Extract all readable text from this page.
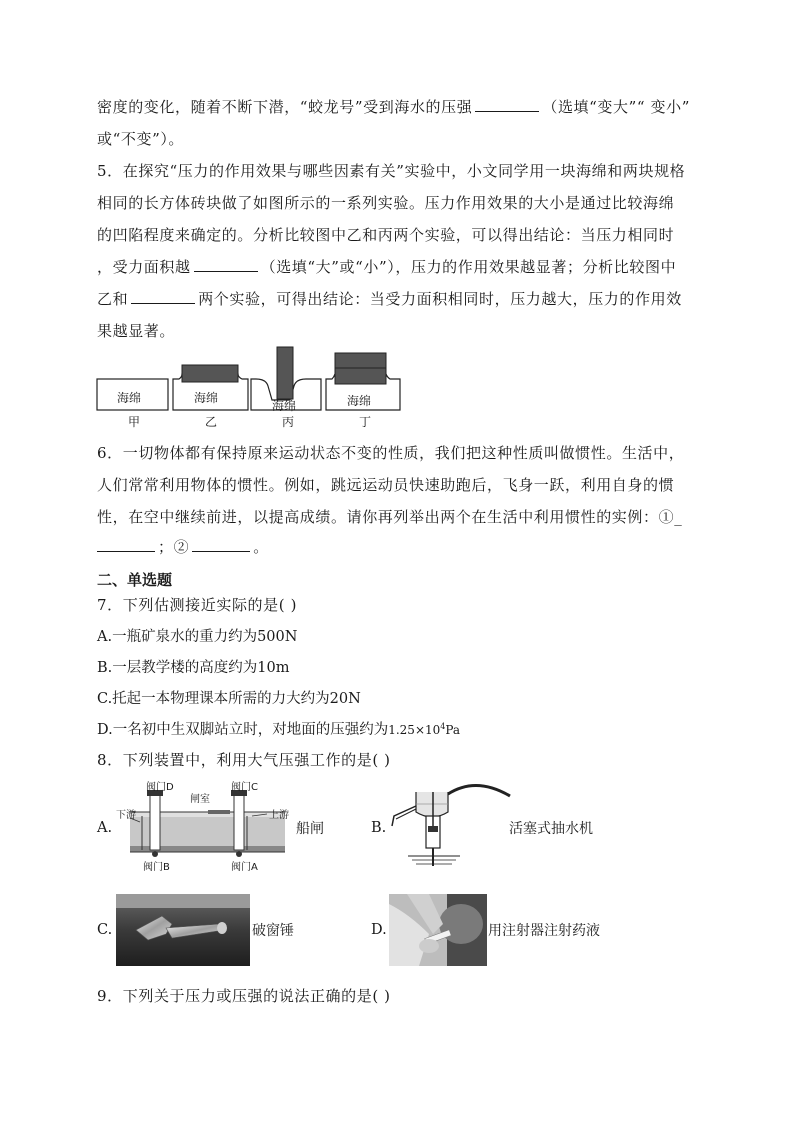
密度的变化，随着不断下潜，“蛟龙号”受到海水的压强	（选填“变大”“ 变小”
或“不变”）。
5．在探究“压力的作用效果与哪些因素有关”实验中，小文同学用一块海绵和两块规格
相同的长方体砖块做了如图所示的一系列实验。压力作用效果的大小是通过比较海绵
的凹陷程度来确定的。分析比较图中乙和丙两个实验，可以得出结论：当压力相同时
，受力面积越	（选填“大”或“小”），压力的作用效果越显著；分析比较图中
乙和	两个实验，可得出结论：当受力面积相同时，压力越大，压力的作用效
果越显著。
海绵	海绵
海绵	海绵
甲	乙	丙	丁
6．一切物体都有保持原来运动状态不变的性质，我们把这种性质叫做惯性。生活中，
人们常常利用物体的惯性。例如，跳远运动员快速助跑后，飞身一跃，利用自身的惯
性，在空中继续前进，以提高成绩。请你再列举出两个在生活中利用惯性的实例：①_
；②	。
二、单选题
7．下列估测接近实际的是( )
A.一瓶矿泉水的重力约为500N
B.一层教学楼的高度约为10m
C.托起一本物理课本所需的力大约为20N
D.一名初中生双脚站立时，对地面的压强约为$1.25\times 10^4Pa$
8．下列装置中，利用大气压强工作的是( )
A.
阀门D
闸室
阀门C
下游	上游
阀门B	阀门A
船闸	B.	活塞式抽水机
C.	破窗锤	D.	用注射器注射药液
9．下列关于压力或压强的说法正确的是( )
